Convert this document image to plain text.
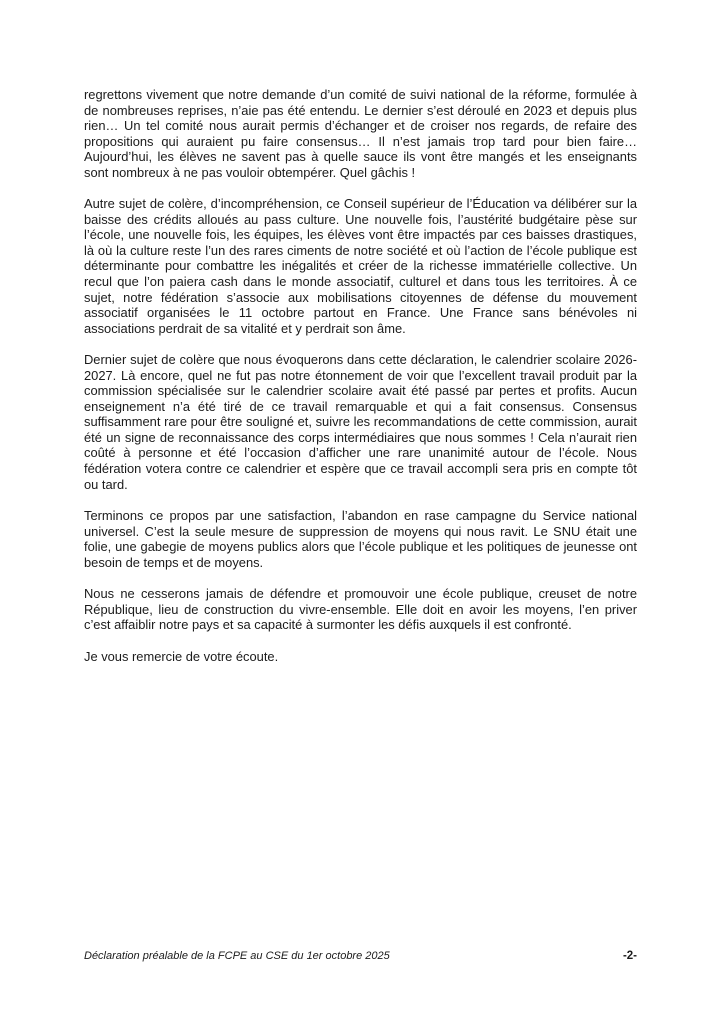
regrettons vivement que notre demande d’un comité de suivi national de la réforme, formulée à de nombreuses reprises, n’aie pas été entendu. Le dernier s’est déroulé en 2023 et depuis plus rien… Un tel comité nous aurait permis d’échanger et de croiser nos regards, de refaire des propositions qui auraient pu faire consensus… Il n’est jamais trop tard pour bien faire… Aujourd’hui, les élèves ne savent pas à quelle sauce ils vont être mangés et les enseignants sont nombreux à ne pas vouloir obtempérer. Quel gâchis !

Autre sujet de colère, d’incompréhension, ce Conseil supérieur de l’Éducation va délibérer sur la baisse des crédits alloués au pass culture. Une nouvelle fois, l’austérité budgétaire pèse sur l’école, une nouvelle fois, les équipes, les élèves vont être impactés par ces baisses drastiques, là où la culture reste l’un des rares ciments de notre société et où l’action de l’école publique est déterminante pour combattre les inégalités et créer de la richesse immatérielle collective. Un recul que l’on paiera cash dans le monde associatif, culturel et dans tous les territoires. À ce sujet, notre fédération s’associe aux mobilisations citoyennes de défense du mouvement associatif organisées le 11 octobre partout en France. Une France sans bénévoles ni associations perdrait de sa vitalité et y perdrait son âme.

Dernier sujet de colère que nous évoquerons dans cette déclaration, le calendrier scolaire 2026-2027. Là encore, quel ne fut pas notre étonnement de voir que l’excellent travail produit par la commission spécialisée sur le calendrier scolaire avait été passé par pertes et profits. Aucun enseignement n’a été tiré de ce travail remarquable et qui a fait consensus. Consensus suffisamment rare pour être souligné et, suivre les recommandations de cette commission, aurait été un signe de reconnaissance des corps intermédiaires que nous sommes ! Cela n’aurait rien coûté à personne et été l’occasion d’afficher une rare unanimité autour de l’école. Nous fédération votera contre ce calendrier et espère que ce travail accompli sera pris en compte tôt ou tard.

Terminons ce propos par une satisfaction, l’abandon en rase campagne du Service national universel. C’est la seule mesure de suppression de moyens qui nous ravit. Le SNU était une folie, une gabegie de moyens publics alors que l’école publique et les politiques de jeunesse ont besoin de temps et de moyens.

Nous ne cesserons jamais de défendre et promouvoir une école publique, creuset de notre République, lieu de construction du vivre-ensemble. Elle doit en avoir les moyens, l’en priver c’est affaiblir notre pays et sa capacité à surmonter les défis auxquels il est confronté.

Je vous remercie de votre écoute.

Déclaration préalable de la FCPE au CSE du 1er octobre 2025	-2-
